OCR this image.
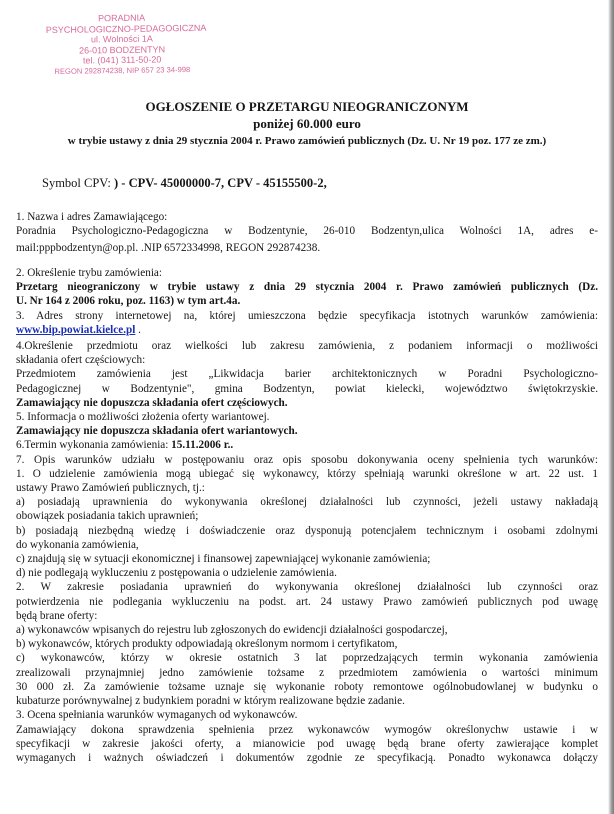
PORADNIA
PSYCHOLOGICZNO-PEDAGOGICZNA
ul. Wolności 1A
26-010 BODZENTYN
tel. (041) 311-50-20
REGON 292874238, NIP 657 23 34-998
OGŁOSZENIE O PRZETARGU NIEOGRANICZONYM
poniżej 60.000 euro
w trybie ustawy z dnia 29 stycznia 2004 r. Prawo zamówień publicznych (Dz. U. Nr 19 poz. 177 ze zm.)
Symbol CPV: ) - CPV- 45000000-7, CPV - 45155500-2,
1. Nazwa i adres Zamawiającego:
Poradnia Psychologiczno-Pedagogiczna w Bodzentynie, 26-010 Bodzentyn,ulica Wolności 1A, adres e-
mail:pppbodzentyn@op.pl. .NIP 6572334998, REGON 292874238.
2. Określenie trybu zamówienia:
Przetarg nieograniczony w trybie ustawy z dnia 29 stycznia 2004 r. Prawo zamówień publicznych (Dz.
U. Nr 164 z 2006 roku, poz. 1163) w tym art.4a.
3. Adres strony internetowej na, której umieszczona będzie specyfikacja istotnych warunków zamówienia:
www.bip.powiat.kielce.pl .
4.Określenie przedmiotu oraz wielkości lub zakresu zamówienia, z podaniem informacji o możliwości
składania ofert częściowych:
Przedmiotem zamówienia jest „Likwidacja barier architektonicznych w Poradni Psychologiczno-
Pedagogicznej w Bodzentynie", gmina Bodzentyn, powiat kielecki, województwo świętokrzyskie.
Zamawiający nie dopuszcza składania ofert częściowych.
5. Informacja o możliwości złożenia oferty wariantowej.
Zamawiający nie dopuszcza składania ofert wariantowych.
6.Termin wykonania zamówienia: 15.11.2006 r..
7. Opis warunków udziału w postępowaniu oraz opis sposobu dokonywania oceny spełnienia tych warunków:
1. O udzielenie zamówienia mogą ubiegać się wykonawcy, którzy spełniają warunki określone w art. 22 ust. 1
ustawy Prawo Zamówień publicznych, tj.:
a) posiadają uprawnienia do wykonywania określonej działalności lub czynności, jeżeli ustawy nakładają
obowiązek posiadania takich uprawnień;
b) posiadają niezbędną wiedzę i doświadczenie oraz dysponują potencjałem technicznym i osobami zdolnymi
do wykonania zamówienia,
c) znajdują się w sytuacji ekonomicznej i finansowej zapewniającej wykonanie zamówienia;
d) nie podlegają wykluczeniu z postępowania o udzielenie zamówienia.
2. W zakresie posiadania uprawnień do wykonywania określonej działalności lub czynności oraz
potwierdzenia nie podlegania wykluczeniu na podst. art. 24 ustawy Prawo zamówień publicznych pod uwagę
będą brane oferty:
a) wykonawców wpisanych do rejestru lub zgłoszonych do ewidencji działalności gospodarczej,
b) wykonawców, których produkty odpowiadają określonym normom i certyfikatom,
c) wykonawców, którzy w okresie ostatnich 3 lat poprzedzających termin wykonania zamówienia
zrealizowali przynajmniej jedno zamówienie tożsame z przedmiotem zamówienia o wartości minimum
30 000 zł. Za zamówienie tożsame uznaje się wykonanie roboty remontowe ogólnobudowlanej w budynku o
kubaturze porównywalnej z budynkiem poradni w którym realizowane będzie zadanie.
3. Ocena spełniania warunków wymaganych od wykonawców.
Zamawiający dokona sprawdzenia spełnienia przez wykonawców wymogów określonychw ustawie i w
specyfikacji w zakresie jakości oferty, a mianowicie pod uwagę będą brane oferty zawierające komplet
wymaganych i ważnych oświadczeń i dokumentów zgodnie ze specyfikacją. Ponadto wykonawca dołączy
